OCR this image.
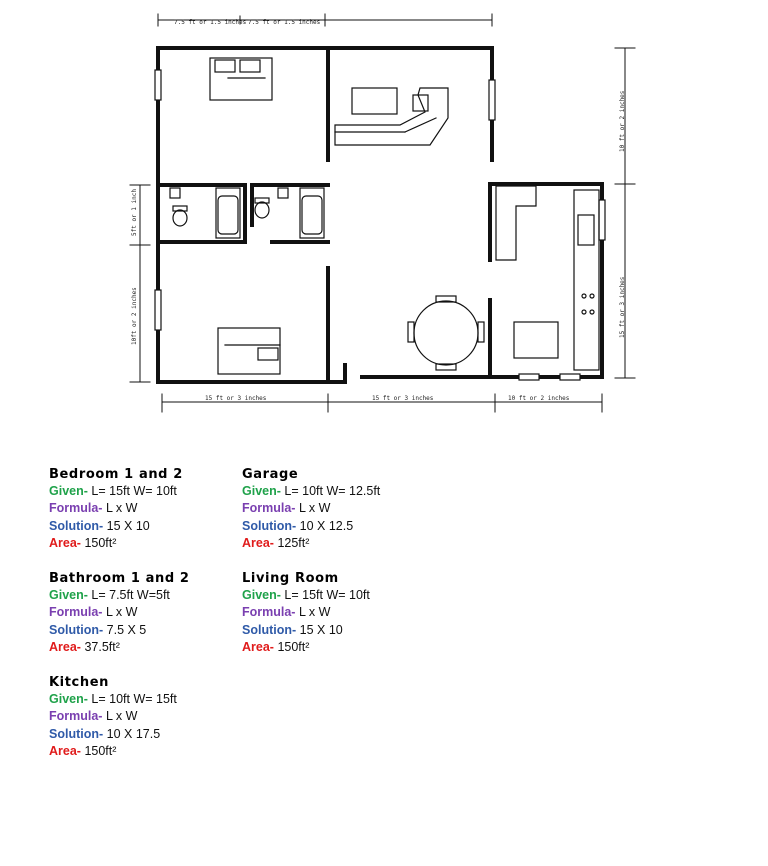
7.5 ft or 1.5 inches 7.5 ft or 1.5 inches
15 ft or 3 inches	15 ft or 3 inches	10 ft or 2 inches
5ft or 1 inch
10ft or 2 inches
10 ft or 2 inches
15 ft or 3 inches
Bedroom 1 and 2
Given- L= 15ft W= 10ft
Formula- L x W
Solution- 15 X 10
Area- 150ft²
Garage
Given- L= 10ft W= 12.5ft
Formula- L x W
Solution- 10 X 12.5
Area- 125ft²
Bathroom 1 and 2
Given- L= 7.5ft W=5ft
Formula- L x W
Solution- 7.5 X 5
Area- 37.5ft²
Living Room
Given- L= 15ft W= 10ft
Formula- L x W
Solution- 15 X 10
Area- 150ft²
Kitchen
Given- L= 10ft W= 15ft
Formula- L x W
Solution- 10 X 17.5
Area- 150ft²
